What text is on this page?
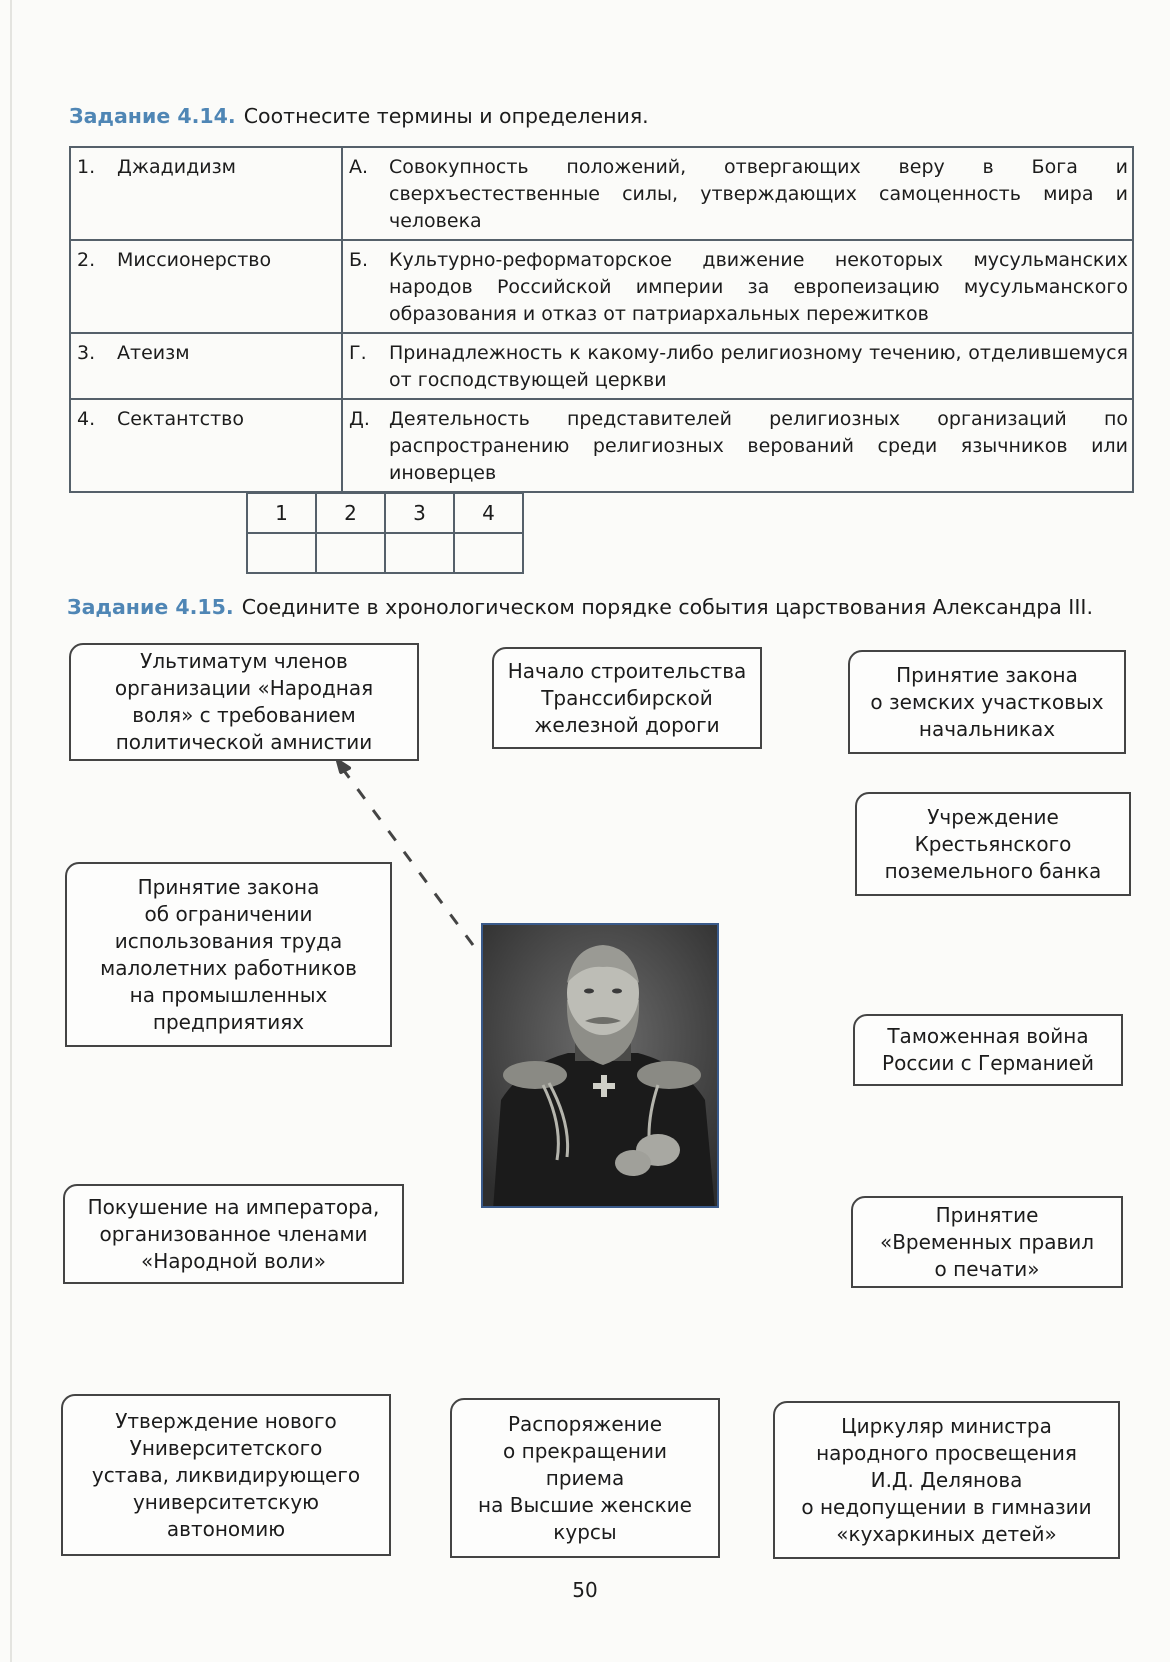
Задание 4.14. Соотнесите термины и определения.
1. Джадидизм	А. Совокупность положений, отвергающих веру в Бога и сверхъестественные силы, утверждающих самоценность мира и человека

2. Миссионерство	Б. Культурно-реформаторское движение некоторых мусульманских народов Российской империи за европеизацию мусульманского образования и отказ от патриархальных пережитков

3. Атеизм	Г. Принадлежность к какому-либо религиозному течению, отделившемуся от господствующей церкви

4. Сектантство	Д. Деятельность представителей религиозных организаций по распространению религиозных верований среди язычников или иноверцев
1	2	3	4

Задание 4.15. Соедините в хронологическом порядке события царствования Александра III.
Ультиматум членов
организации «Народная
воля» с требованием
политической амнистии
Начало строительства
Транссибирской
железной дороги
Принятие закона
о земских участковых
начальниках
Учреждение
Крестьянского
поземельного банка
Принятие закона
об ограничении
использования труда
малолетних работников
на промышленных
предприятиях
Таможенная война
России с Германией
Покушение на императора,
организованное членами
«Народной воли»
Принятие
«Временных правил
о печати»
Утверждение нового
Университетского
устава, ликвидирующего
университетскую
автономию
Распоряжение
о прекращении
приема
на Высшие женские
курсы
Циркуляр министра
народного просвещения
И.Д. Делянова
о недопущении в гимназии
«кухаркиных детей»
50
